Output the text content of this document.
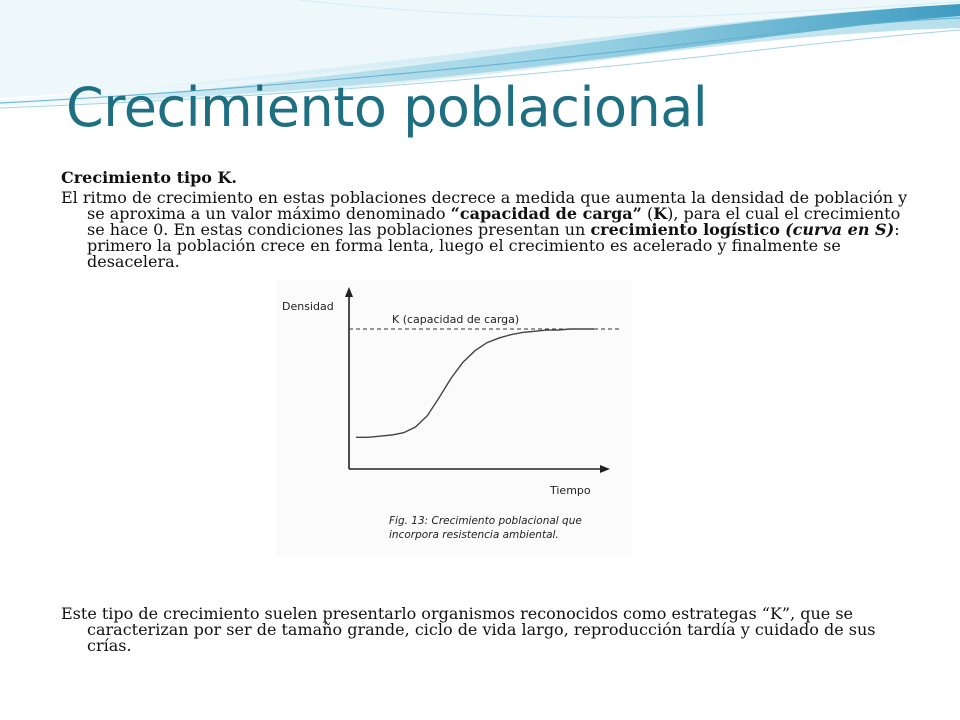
Crecimiento poblacional
Crecimiento tipo K.
El ritmo de crecimiento en estas poblaciones decrece a medida que aumenta la densidad de población y se aproxima a un valor máximo denominado “capacidad de carga” (K), para el cual el crecimiento se hace 0. En estas condiciones las poblaciones presentan un crecimiento logístico (curva en S): primero la población crece en forma lenta, luego el crecimiento es acelerado y finalmente se desacelera.
Densidad
K (capacidad de carga)
Tiempo
Fig. 13: Crecimiento poblacional que
incorpora resistencia ambiental.
Este tipo de crecimiento suelen presentarlo organismos reconocidos como estrategas “K”, que se caracterizan por ser de tamaño grande, ciclo de vida largo, reproducción tardía y cuidado de sus crías.
